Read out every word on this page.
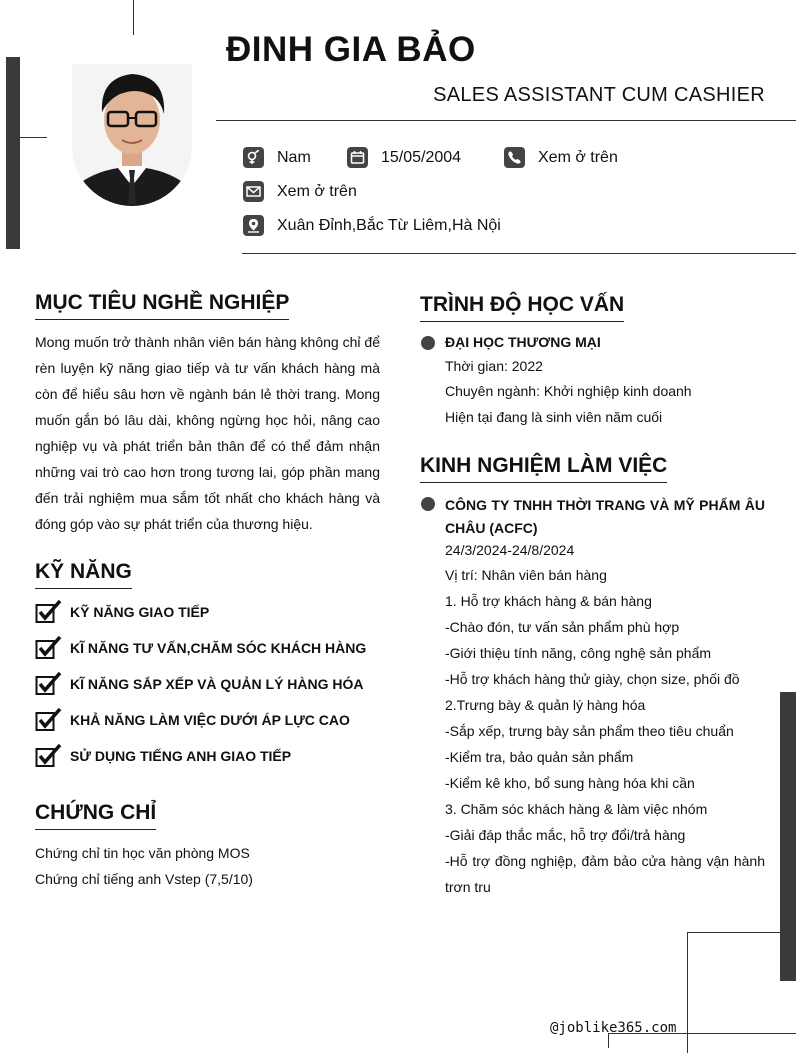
ĐINH GIA BẢO
SALES ASSISTANT CUM CASHIER
Nam	15/05/2004	Xem ở trên
Xem ở trên
Xuân Đỉnh,Bắc Từ Liêm,Hà Nội
MỤC TIÊU NGHỀ NGHIỆP
Mong muốn trở thành nhân viên bán hàng không chỉ để rèn luyện kỹ năng giao tiếp và tư vấn khách hàng mà còn để hiểu sâu hơn về ngành bán lẻ thời trang. Mong muốn gắn bó lâu dài, không ngừng học hỏi, nâng cao nghiệp vụ và phát triển bản thân để có thể đảm nhận những vai trò cao hơn trong tương lai, góp phần mang đến trải nghiệm mua sắm tốt nhất cho khách hàng và đóng góp vào sự phát triển của thương hiệu.
KỸ NĂNG
KỸ NĂNG GIAO TIẾP
KĨ NĂNG TƯ VẤN,CHĂM SÓC KHÁCH HÀNG
KĨ NĂNG SẮP XẾP VÀ QUẢN LÝ HÀNG HÓA
KHẢ NĂNG LÀM VIỆC DƯỚI ÁP LỰC CAO
SỬ DỤNG TIẾNG ANH GIAO TIẾP
CHỨNG CHỈ
Chứng chỉ tin học văn phòng MOS
Chứng chỉ tiếng anh Vstep (7,5/10)
TRÌNH ĐỘ HỌC VẤN
ĐẠI HỌC THƯƠNG MẠI
Thời gian: 2022
Chuyên ngành: Khởi nghiệp kinh doanh
Hiện tại đang là sinh viên năm cuối
KINH NGHIỆM LÀM VIỆC
CÔNG TY TNHH THỜI TRANG VÀ MỸ PHẨM ÂU CHÂU (ACFC)
24/3/2024-24/8/2024
Vị trí: Nhân viên bán hàng
1. Hỗ trợ khách hàng & bán hàng
-Chào đón, tư vấn sản phẩm phù hợp
-Giới thiệu tính năng, công nghệ sản phẩm
-Hỗ trợ khách hàng thử giày, chọn size, phối đồ
2.Trưng bày & quản lý hàng hóa
-Sắp xếp, trưng bày sản phẩm theo tiêu chuẩn
-Kiểm tra, bảo quản sản phẩm
-Kiểm kê kho, bổ sung hàng hóa khi cần
3. Chăm sóc khách hàng & làm việc nhóm
-Giải đáp thắc mắc, hỗ trợ đổi/trả hàng
-Hỗ trợ đồng nghiệp, đảm bảo cửa hàng vận hành trơn tru
@joblike365.com
